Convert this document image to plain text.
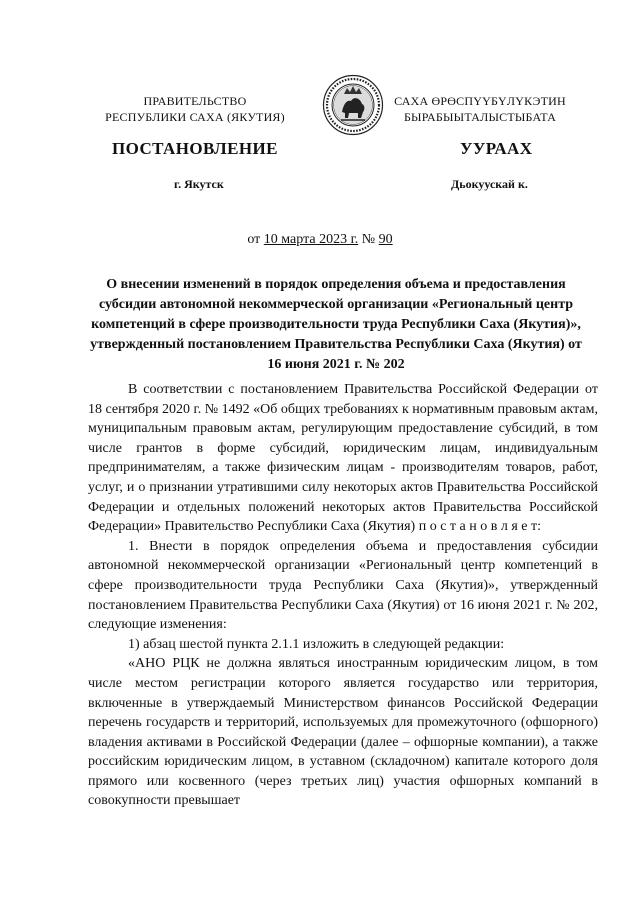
ПРАВИТЕЛЬСТВО
РЕСПУБЛИКИ САХА (ЯКУТИЯ)
САХА ӨРӨСПҮҮБҮЛҮКЭТИН
БЫРАБЫЫТАЛЫСТЫБАТА
ПОСТАНОВЛЕНИЕ	УУРААХ
г. Якутск	Дьокуускай к.
от 10 марта 2023 г. № 90
О внесении изменений в порядок определения объема и предоставления субсидии автономной некоммерческой организации «Региональный центр компетенций в сфере производительности труда Республики Саха (Якутия)», утвержденный постановлением Правительства Республики Саха (Якутия) от 16 июня 2021 г. № 202

В соответствии с постановлением Правительства Российской Федерации от 18 сентября 2020 г. № 1492 «Об общих требованиях к нормативным правовым актам, муниципальным правовым актам, регулирующим предоставление субсидий, в том числе грантов в форме субсидий, юридическим лицам, индивидуальным предпринимателям, а также физическим лицам - производителям товаров, работ, услуг, и о признании утратившими силу некоторых актов Правительства Российской Федерации и отдельных положений некоторых актов Правительства Российской Федерации» Правительство Республики Саха (Якутия) п о с т а н о в л я е т:

1. Внести в порядок определения объема и предоставления субсидии автономной некоммерческой организации «Региональный центр компетенций в сфере производительности труда Республики Саха (Якутия)», утвержденный постановлением Правительства Республики Саха (Якутия) от 16 июня 2021 г. № 202, следующие изменения:

1) абзац шестой пункта 2.1.1 изложить в следующей редакции:

«АНО РЦК не должна являться иностранным юридическим лицом, в том числе местом регистрации которого является государство или территория, включенные в утверждаемый Министерством финансов Российской Федерации перечень государств и территорий, используемых для промежуточного (офшорного) владения активами в Российской Федерации (далее – офшорные компании), а также российским юридическим лицом, в уставном (складочном) капитале которого доля прямого или косвенного (через третьих лиц) участия офшорных компаний в совокупности превышает
